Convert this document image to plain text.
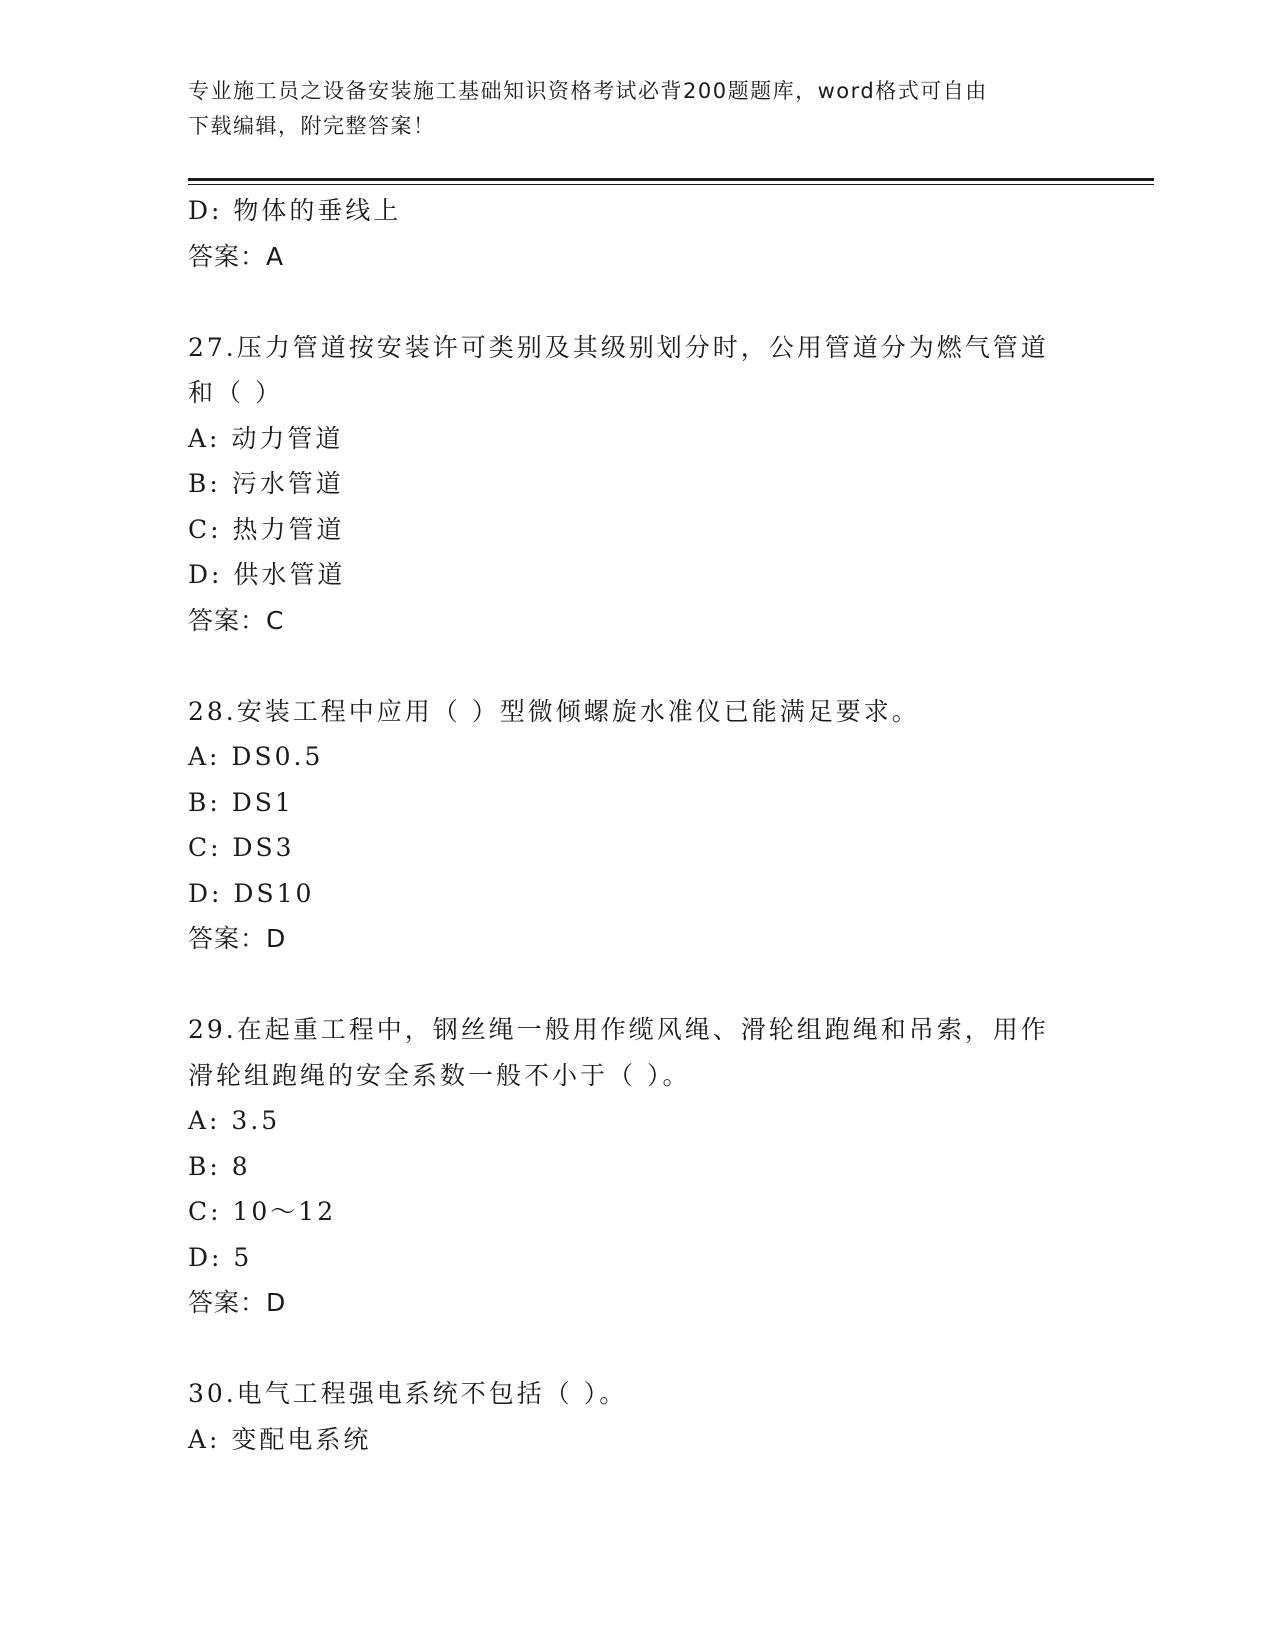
专业施工员之设备安装施工基础知识资格考试必背200题题库，word格式可自由
下载编辑，附完整答案！
D: 物体的垂线上
答案：A
27.压力管道按安装许可类别及其级别划分时，公用管道分为燃气管道
和（ ）
A: 动力管道
B: 污水管道
C: 热力管道
D: 供水管道
答案：C
28.安装工程中应用（ ）型微倾螺旋水准仪已能满足要求。
A: DS0.5
B: DS1
C: DS3
D: DS10
答案：D
29.在起重工程中，钢丝绳一般用作缆风绳、滑轮组跑绳和吊索，用作
滑轮组跑绳的安全系数一般不小于（ ）。
A: 3.5
B: 8
C: 10～12
D: 5
答案：D
30.电气工程强电系统不包括（ ）。
A: 变配电系统
